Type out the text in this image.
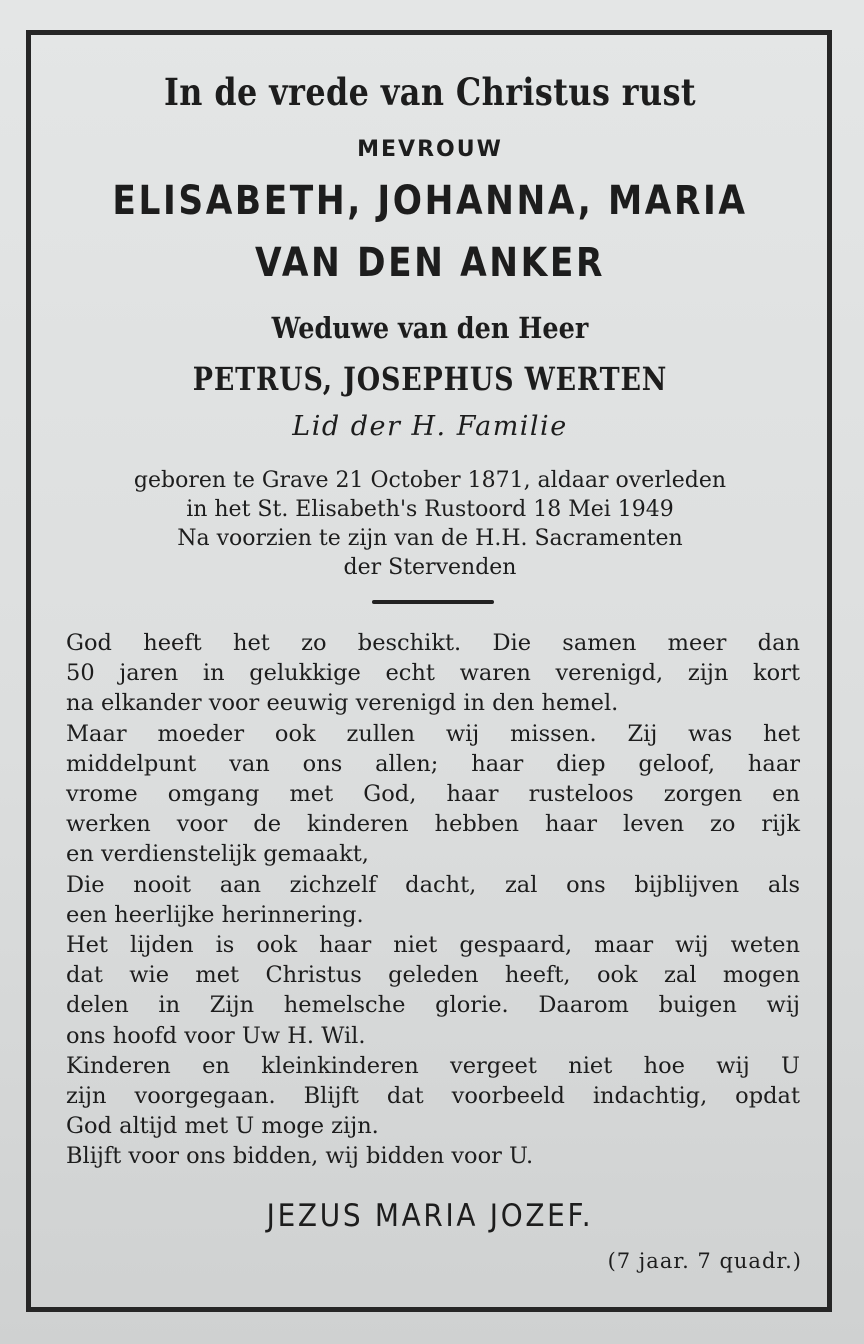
In de vrede van Christus rust
MEVROUW
ELISABETH, JOHANNA, MARIA
VAN DEN ANKER
Weduwe van den Heer
PETRUS, JOSEPHUS WERTEN
Lid der H. Familie
geboren te Grave 21 October 1871, aldaar overleden
in het St. Elisabeth's Rustoord 18 Mei 1949
Na voorzien te zijn van de H.H. Sacramenten
der Stervenden
God heeft het zo beschikt. Die samen meer dan
50 jaren in gelukkige echt waren verenigd, zijn kort
na elkander voor eeuwig verenigd in den hemel.
Maar moeder ook zullen wij missen. Zij was het
middelpunt van ons allen; haar diep geloof, haar
vrome omgang met God, haar rusteloos zorgen en
werken voor de kinderen hebben haar leven zo rijk
en verdienstelijk gemaakt,
Die nooit aan zichzelf dacht, zal ons bijblijven als
een heerlijke herinnering.
Het lijden is ook haar niet gespaard, maar wij weten
dat wie met Christus geleden heeft, ook zal mogen
delen in Zijn hemelsche glorie. Daarom buigen wij
ons hoofd voor Uw H. Wil.
Kinderen en kleinkinderen vergeet niet hoe wij U
zijn voorgegaan. Blijft dat voorbeeld indachtig, opdat
God altijd met U moge zijn.
Blijft voor ons bidden, wij bidden voor U.
JEZUS MARIA JOZEF.
(7 jaar. 7 quadr.)
